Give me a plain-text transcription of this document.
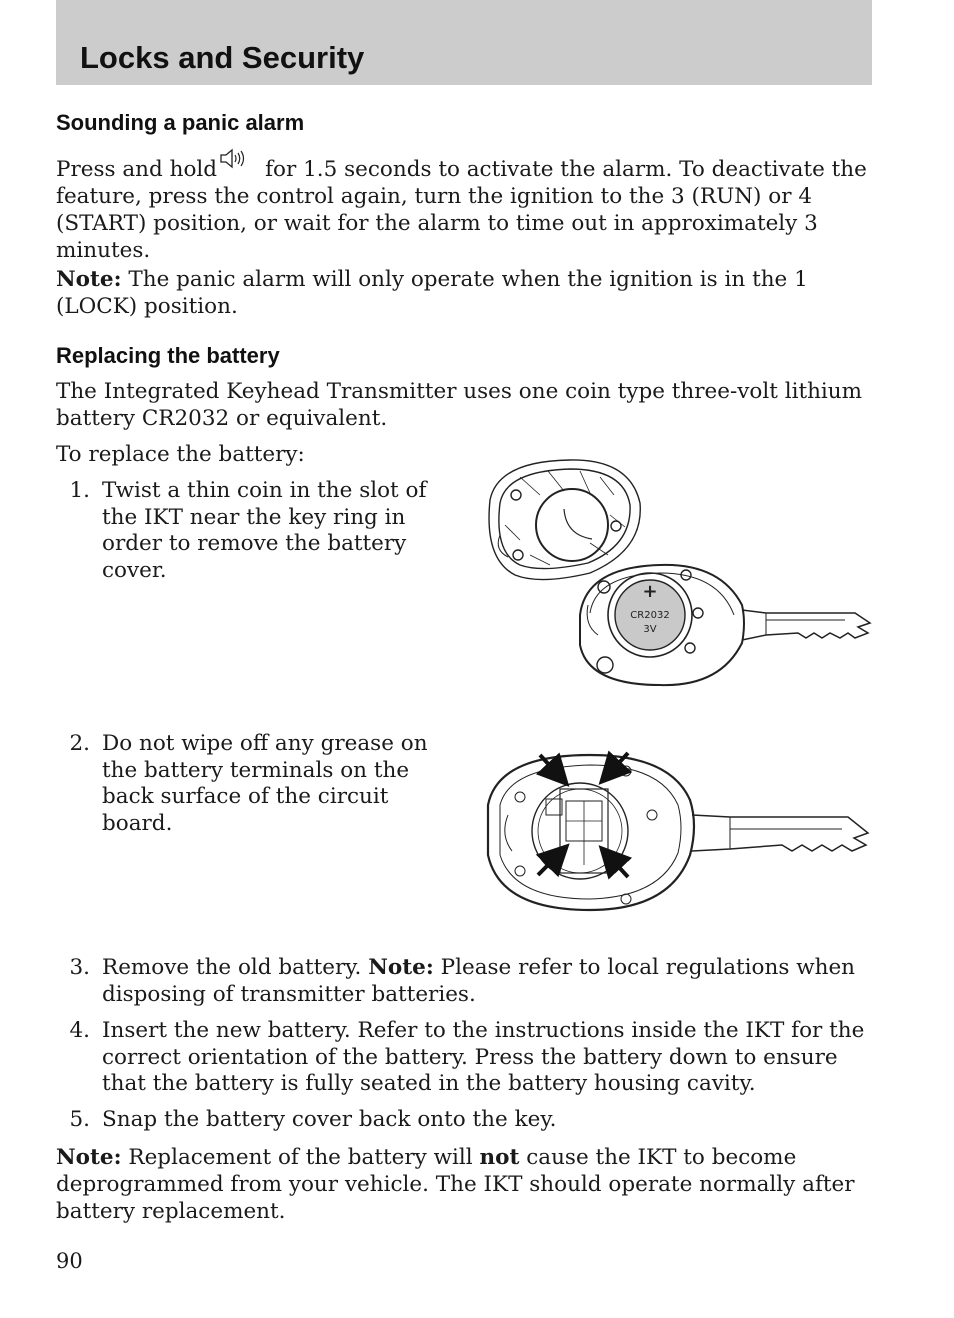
Locks and Security
Sounding a panic alarm

Press and hold for 1.5 seconds to activate the alarm. To deactivate the feature, press the control again, turn the ignition to the 3 (RUN) or 4 (START) position, or wait for the alarm to time out in approximately 3 minutes.

Note: The panic alarm will only operate when the ignition is in the 1 (LOCK) position.

Replacing the battery

The Integrated Keyhead Transmitter uses one coin type three-volt lithium battery CR2032 or equivalent.

To replace the battery:

1. Twist a thin coin in the slot of the IKT near the key ring in order to remove the battery cover.
2. Do not wipe off any grease on the battery terminals on the back surface of the circuit board.
3. Remove the old battery. Note: Please refer to local regulations when disposing of transmitter batteries.
4. Insert the new battery. Refer to the instructions inside the IKT for the correct orientation of the battery. Press the battery down to ensure that the battery is fully seated in the battery housing cavity.
5. Snap the battery cover back onto the key.

Note: Replacement of the battery will not cause the IKT to become deprogrammed from your vehicle. The IKT should operate normally after battery replacement.

+
CR2032
3V

90
